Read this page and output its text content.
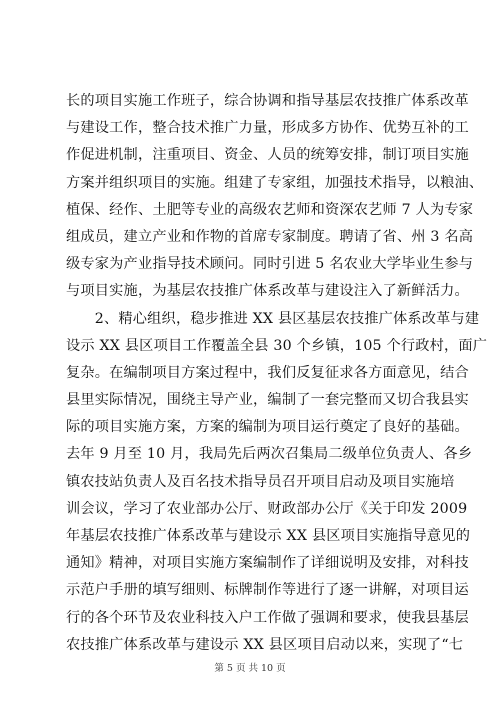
长的项目实施工作班子，综合协调和指导基层农技推广体系改革
与建设工作，整合技术推广力量，形成多方协作、优势互补的工
作促进机制，注重项目、资金、人员的统筹安排，制订项目实施
方案并组织项目的实施。组建了专家组，加强技术指导，以粮油、
植保、经作、土肥等专业的高级农艺师和资深农艺师 7 人为专家
组成员，建立产业和作物的首席专家制度。聘请了省、州 3 名高
级专家为产业指导技术顾问。同时引进 5 名农业大学毕业生参与
与项目实施，为基层农技推广体系改革与建设注入了新鲜活力。
　　2、精心组织，稳步推进 XX 县区基层农技推广体系改革与建
设示 XX 县区项目工作覆盖全县 30 个乡镇，105 个行政村，面广
复杂。在编制项目方案过程中，我们反复征求各方面意见，结合
县里实际情况，围绕主导产业，编制了一套完整而又切合我县实
际的项目实施方案，方案的编制为项目运行奠定了良好的基础。
去年 9 月至 10 月，我局先后两次召集局二级单位负责人、各乡
镇农技站负责人及百名技术指导员召开项目启动及项目实施培
训会议，学习了农业部办公厅、财政部办公厅《关于印发 2009
年基层农技推广体系改革与建设示 XX 县区项目实施指导意见的
通知》精神，对项目实施方案编制作了详细说明及安排，对科技
示范户手册的填写细则、标牌制作等进行了逐一讲解，对项目运
行的各个环节及农业科技入户工作做了强调和要求，使我县基层
农技推广体系改革与建设示 XX 县区项目启动以来，实现了“七
第 5 页 共 10 页
